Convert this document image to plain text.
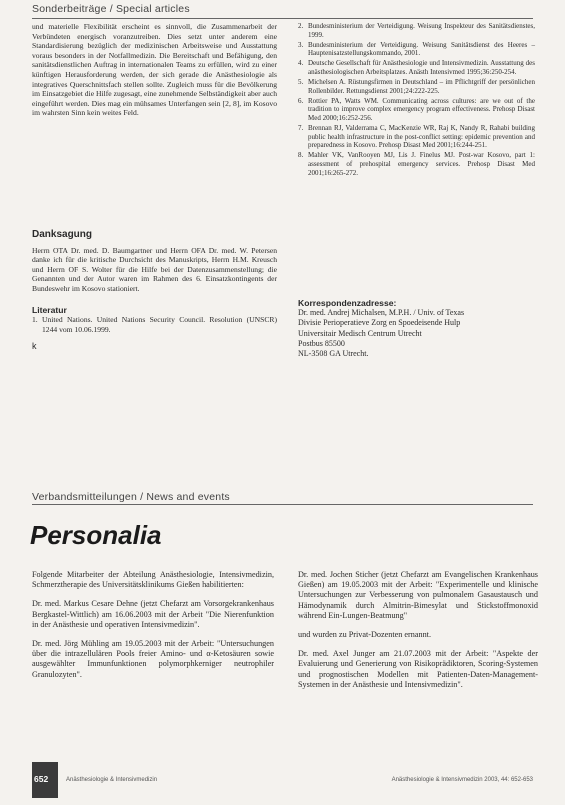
Sonderbeiträge / Special articles

und materielle Flexibilität erscheint es sinnvoll, die Zusammenarbeit der Verbündeten energisch voranzutreiben. Dies setzt unter anderem eine Standardisierung bezüglich der medizinischen Arbeitsweise und Ausstattung voraus besonders in der Notfallmedizin. Die Bereitschaft und Befähigung, den sanitätsdienstlichen Auftrag in internationalen Teams zu erfüllen, wird zu einer künftigen Herausforderung werden, der sich gerade die Anästhesiologie als integratives Querschnittsfach stellen sollte. Zugleich muss für die Bevölkerung im Einsatzgebiet die Hilfe zugesagt, eine zunehmende Selbständigkeit aber auch eingeführt werden. Dies mag ein mühsames Unterfangen sein [2, 8], im Kosovo im wahrsten Sinn kein weites Feld.

Danksagung

Herrn OTA Dr. med. D. Baumgartner und Herrn OFA Dr. med. W. Petersen danke ich für die kritische Durchsicht des Manuskripts, Herrn H.M. Kreusch und Herrn OF S. Wolter für die Hilfe bei der Datenzusammenstellung; die Genannten und der Autor waren im Rahmen des 6. Einsatzkontingents der Bundeswehr im Kosovo stationiert.

Literatur
1. United Nations. United Nations Security Council. Resolution (UNSCR) 1244 vom 10.06.1999.
k
2. Bundesministerium der Verteidigung. Weisung Inspekteur des Sanitätsdienstes, 1999.
3. Bundesministerium der Verteidigung. Weisung Sanitätsdienst des Heeres – Hauptenisatzstellungskommando, 2001.
4. Deutsche Gesellschaft für Anästhesiologie und Intensivmedizin. Ausstattung des anästhesiologischen Arbeitsplatzes. Anästh Intensivmed 1995;36:250-254.
5. Michelsen A. Rüstungsfirmen in Deutschland – im Pflichtgriff der persönlichen Rollenbilder. Rettungsdienst 2001;24:222-225.
6. Rottier PA, Watts WM. Communicating across cultures: are we out of the tradition to improve complex emergency program effectiveness. Prehosp Disast Med 2000;16:252-256.
7. Brennan RJ, Valderrama C, MacKenzie WR, Raj K, Nandy R, Rahabi building public health infrastructure in the post-conflict setting: epidemic prevention and preparedness in Kosovo. Prehosp Disast Med 2001;16:244-251.
8. Mahler VK, VanRooyen MJ, Lis J. Finelus MJ. Post-war Kosovo, part 1: assessment of prehospital emergency services. Prehosp Disast Med 2001;16:265-272.
Korrespondenzadresse:
Dr. med. Andrej Michalsen, M.P.H. / Univ. of Texas
Divisie Perioperatieve Zorg en Spoedeisende Hulp
Universitair Medisch Centrum Utrecht
Postbus 85500
NL-3508 GA Utrecht.
Verbandsmitteilungen / News and events
Personalia

Folgende Mitarbeiter der Abteilung Anästhesiologie, Intensivmedizin, Schmerztherapie des Universitätsklinikums Gießen habilitierten:

Dr. med. Markus Cesare Dehne (jetzt Chefarzt am Vorsorgekrankenhaus Bergkastel-Wittlich) am 16.06.2003 mit der Arbeit "Die Nierenfunktion in der Anästhesie und operativen Intensivmedizin".

Dr. med. Jörg Mühling am 19.05.2003 mit der Arbeit: "Untersuchungen über die intrazellulären Pools freier Amino- und α-Ketosäuren sowie ausgewählter Immunfunktionen polymorphkerniger neutrophiler Granulozyten".

Dr. med. Jochen Sticher (jetzt Chefarzt am Evangelischen Krankenhaus Gießen) am 19.05.2003 mit der Arbeit: "Experimentelle und klinische Untersuchungen zur Verbesserung von pulmonalem Gasaustausch und Hämodynamik durch Almitrin-Bimesylat und Stickstoffmonoxid während Ein-Lungen-Beatmung"

und wurden zu Privat-Dozenten ernannt.

Dr. med. Axel Junger am 21.07.2003 mit der Arbeit: "Aspekte der Evaluierung und Generierung von Risikoprädiktoren, Scoring-Systemen und prognostischen Modellen mit Patienten-Daten-Management-Systemen in der Anästhesie und Intensivmedizin".

652	Anästhesiologie & Intensivmedizin	Anästhesiologie & Intensivmedizin 2003, 44: 652-653
